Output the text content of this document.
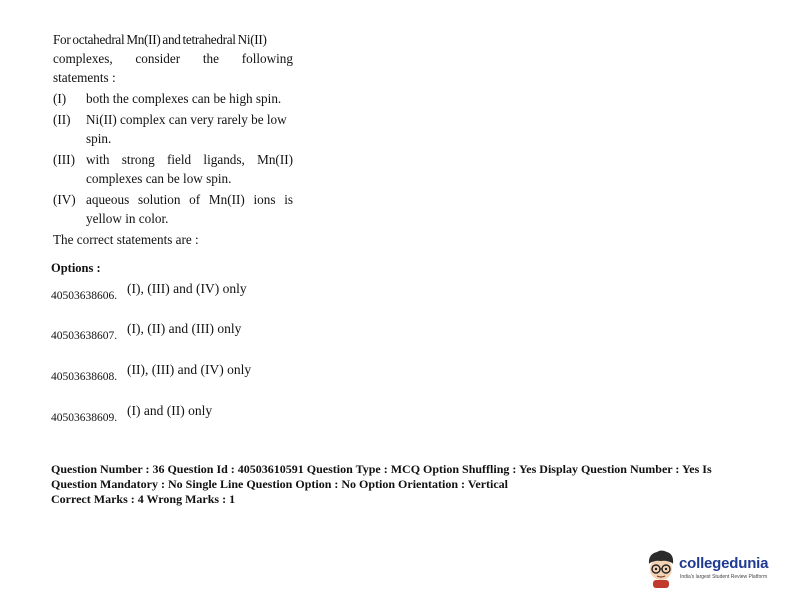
For octahedral Mn(II) and tetrahedral Ni(II)
complexes, consider the following
statements :
(I)	both the complexes can be high spin.
(II)	Ni(II) complex can very rarely be low spin.
(III) with strong field ligands, Mn(II) complexes can be low spin.
(IV) aqueous solution of Mn(II) ions is yellow in color.
The correct statements are :
Options :
40503638606. (I), (III) and (IV) only
40503638607. (I), (II) and (III) only
40503638608. (II), (III) and (IV) only
40503638609. (I) and (II) only
Question Number : 36 Question Id : 40503610591 Question Type : MCQ Option Shuffling : Yes Display Question Number : Yes Is
Question Mandatory : No Single Line Question Option : No Option Orientation : Vertical
Correct Marks : 4 Wrong Marks : 1
collegedunia
India's largest Student Review Platform
